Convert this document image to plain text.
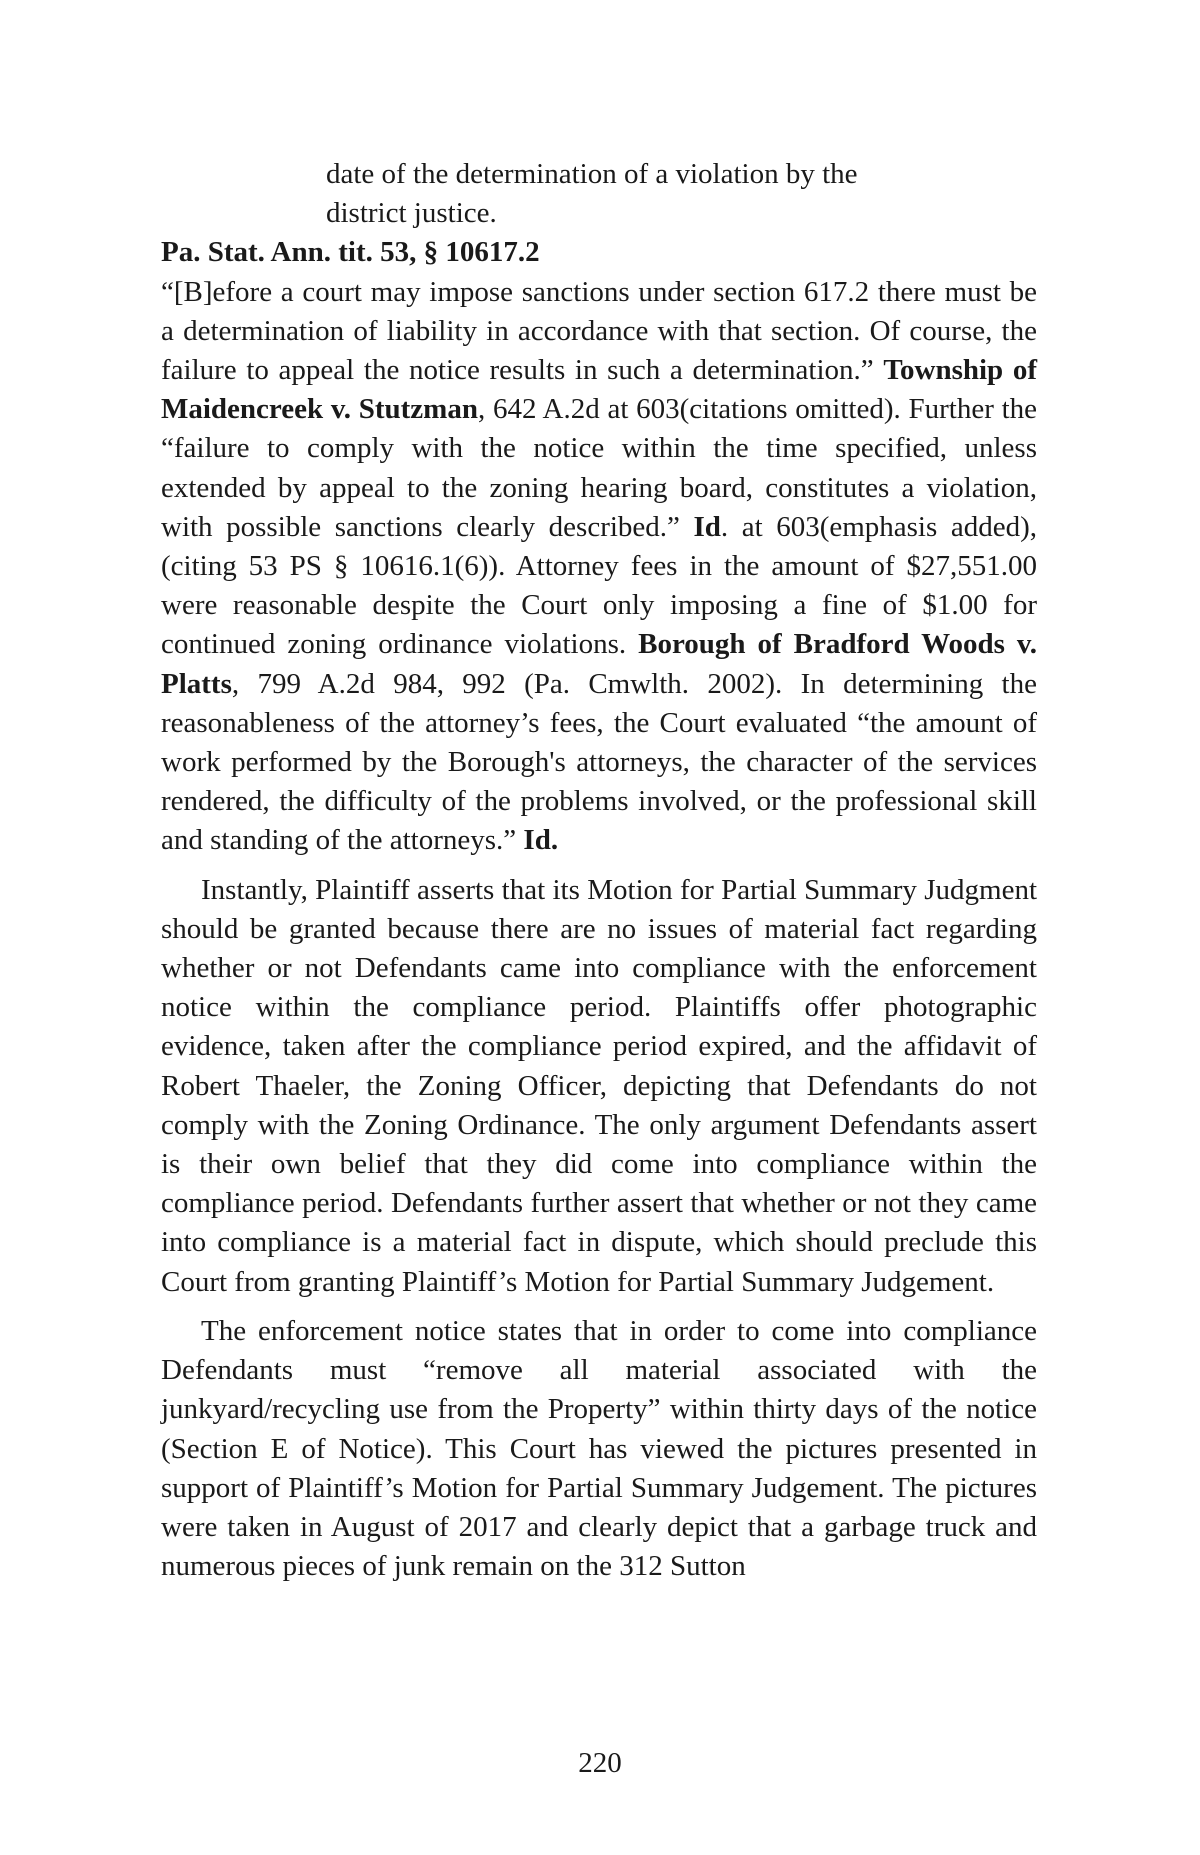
date of the determination of a violation by the
district justice.

Pa. Stat. Ann. tit. 53, § 10617.2

“[B]efore a court may impose sanctions under section 617.2 there must be a determination of liability in accordance with that section. Of course, the failure to appeal the notice results in such a determination.” Township of Maidencreek v. Stutzman, 642 A.2d at 603(citations omitted). Further the “failure to comply with the notice within the time specified, unless extended by appeal to the zoning hearing board, constitutes a violation, with possible sanctions clearly described.” Id. at 603(emphasis added), (citing 53 PS § 10616.1(6)). Attorney fees in the amount of $27,551.00 were reasonable despite the Court only imposing a fine of $1.00 for continued zoning ordinance violations. Borough of Bradford Woods v. Platts, 799 A.2d 984, 992 (Pa. Cmwlth. 2002). In determining the reasonableness of the attorney’s fees, the Court evaluated “the amount of work performed by the Borough's attorneys, the character of the services rendered, the difficulty of the problems involved, or the professional skill and standing of the attorneys.” Id.

Instantly, Plaintiff asserts that its Motion for Partial Summary Judgment should be granted because there are no issues of material fact regarding whether or not Defendants came into compliance with the enforcement notice within the compliance period. Plaintiffs offer photographic evidence, taken after the compliance period expired, and the affidavit of Robert Thaeler, the Zoning Officer, depicting that Defendants do not comply with the Zoning Ordinance. The only argument Defendants assert is their own belief that they did come into compliance within the compliance period. Defendants further assert that whether or not they came into compliance is a material fact in dispute, which should preclude this Court from granting Plaintiff’s Motion for Partial Summary Judgement.

The enforcement notice states that in order to come into compliance Defendants must “remove all material associated with the junkyard/recycling use from the Property” within thirty days of the notice (Section E of Notice). This Court has viewed the pictures presented in support of Plaintiff’s Motion for Partial Summary Judgement. The pictures were taken in August of 2017 and clearly depict that a garbage truck and numerous pieces of junk remain on the 312 Sutton

220
